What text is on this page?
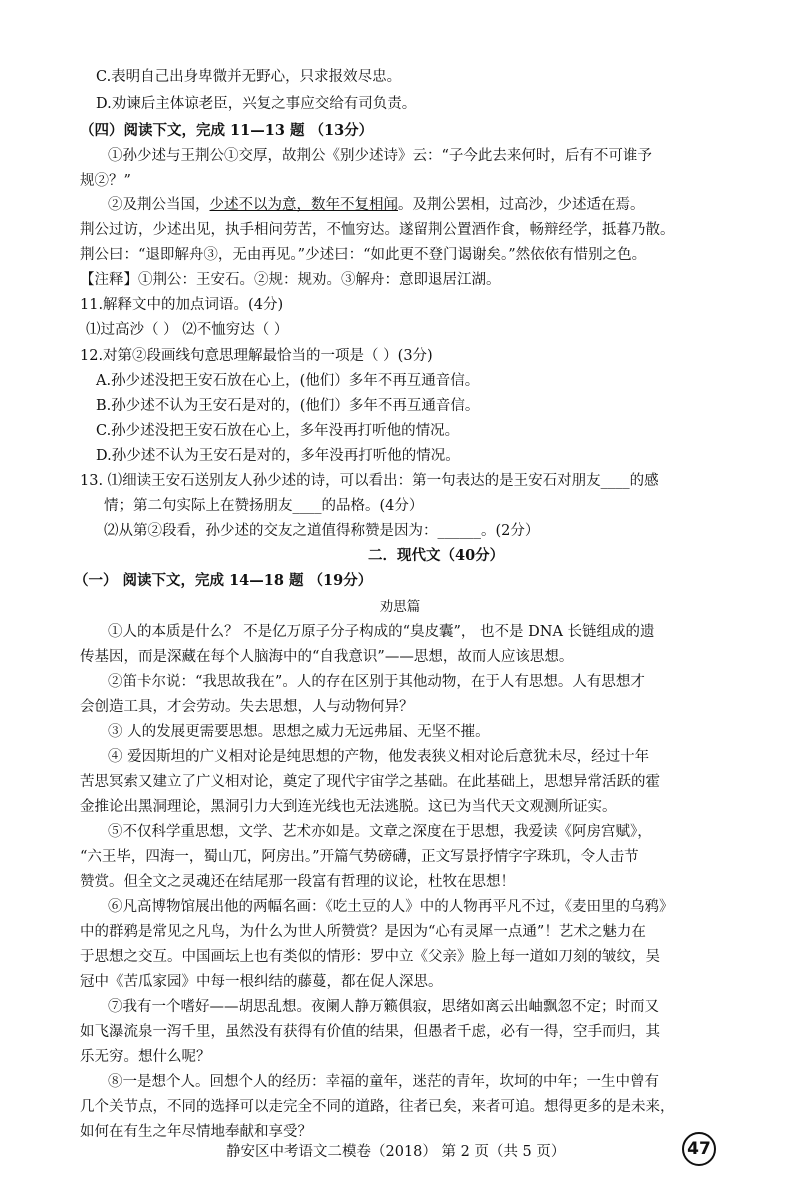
C.表明自己出身卑微并无野心，只求报效尽忠。
D.劝谏后主体谅老臣，兴复之事应交给有司负责。
（四）阅读下文，完成 11—13 题 （13分）
①孙少述与王荆公①交厚，故荆公《别少述诗》云：“子今此去来何时，后有不可谁予
规②？”
②及荆公当国，少述不以为意，数年不复相闻。及荆公罢相，过高沙，少述适在焉。
荆公过访，少述出见，执手相问劳苦，不恤穷达。遂留荆公置酒作食，畅辩经学，抵暮乃散。
荆公曰：“退即解舟③，无由再见。”少述曰：“如此更不登门谒谢矣。”然依依有惜别之色。
【注释】①荆公：王安石。②规：规劝。③解舟：意即退居江湖。
11.解释文中的加点词语。(4分)
⑴过高沙（ ） ⑵不恤穷达（ ）
12.对第②段画线句意思理解最恰当的一项是（ ）(3分)
A.孙少述没把王安石放在心上，(他们）多年不再互通音信。
B.孙少述不认为王安石是对的，(他们）多年不再互通音信。
C.孙少述没把王安石放在心上，多年没再打听他的情况。
D.孙少述不认为王安石是对的，多年没再打听他的情况。
13. ⑴细读王安石送别友人孙少述的诗，可以看出：第一句表达的是王安石对朋友____的感
情；第二句实际上在赞扬朋友____的品格。(4分）
⑵从第②段看，孙少述的交友之道值得称赞是因为：______。(2分）
二．现代文（40分）
（一） 阅读下文，完成 14—18 题 （19分）
劝思篇
①人的本质是什么？ 不是亿万原子分子构成的“臭皮囊”， 也不是 DNA 长链组成的遗
传基因，而是深藏在每个人脑海中的“自我意识”——思想，故而人应该思想。
②笛卡尔说：“我思故我在”。人的存在区别于其他动物，在于人有思想。人有思想才
会创造工具，才会劳动。失去思想，人与动物何异？
③ 人的发展更需要思想。思想之威力无远弗届、无坚不摧。
④ 爱因斯坦的广义相对论是纯思想的产物，他发表狭义相对论后意犹未尽，经过十年
苦思冥索又建立了广义相对论，奠定了现代宇宙学之基础。在此基础上，思想异常活跃的霍
金推论出黑洞理论，黑洞引力大到连光线也无法逃脱。这已为当代天文观测所证实。
⑤不仅科学重思想，文学、艺术亦如是。文章之深度在于思想，我爱读《阿房宫赋》，
“六王毕，四海一，蜀山兀，阿房出。”开篇气势磅礴，正文写景抒情字字珠玑，令人击节
赞赏。但全文之灵魂还在结尾那一段富有哲理的议论，杜牧在思想！
⑥凡高博物馆展出他的两幅名画：《吃土豆的人》中的人物再平凡不过，《麦田里的乌鸦》
中的群鸦是常见之凡鸟，为什么为世人所赞赏？是因为“心有灵犀一点通”！艺术之魅力在
于思想之交互。中国画坛上也有类似的情形：罗中立《父亲》脸上每一道如刀刻的皱纹，吴
冠中《苦瓜家园》中每一根纠结的藤蔓，都在促人深思。
⑦我有一个嗜好——胡思乱想。夜阑人静万籁俱寂，思绪如离云出岫飘忽不定；时而又
如飞瀑流泉一泻千里，虽然没有获得有价值的结果，但愚者千虑，必有一得，空手而归，其
乐无穷。想什么呢？
⑧一是想个人。回想个人的经历：幸福的童年，迷茫的青年，坎坷的中年；一生中曾有
几个关节点，不同的选择可以走完全不同的道路，往者已矣，来者可追。想得更多的是未来，
如何在有生之年尽情地奉献和享受？
静安区中考语文二模卷（2018） 第 2 页（共 5 页）	47
